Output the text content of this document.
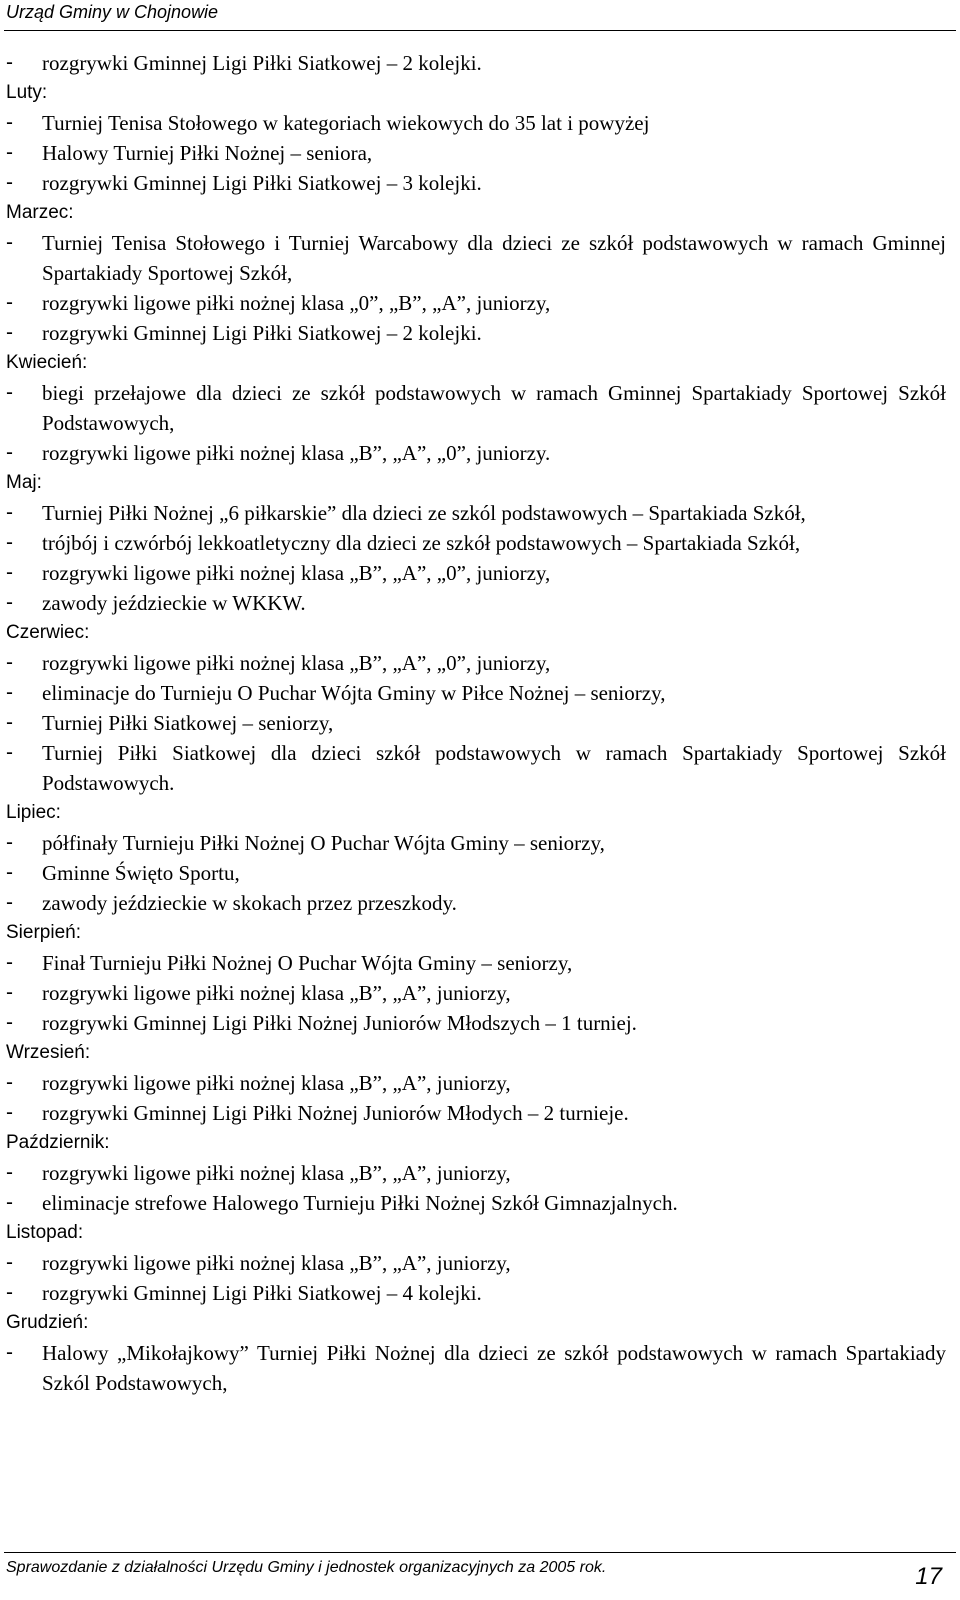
Urząd Gminy w Chojnowie
-	rozgrywki Gminnej Ligi Piłki Siatkowej – 2 kolejki.
Luty:
-	Turniej Tenisa Stołowego w kategoriach wiekowych do 35 lat i powyżej
-	Halowy Turniej Piłki Nożnej – seniora,
-	rozgrywki Gminnej Ligi Piłki Siatkowej – 3 kolejki.
Marzec:
-	Turniej Tenisa Stołowego i Turniej Warcabowy dla dzieci ze szkół podstawowych w ramach Gminnej Spartakiady Sportowej Szkół,
-	rozgrywki ligowe piłki nożnej klasa „0”, „B”, „A”, juniorzy,
-	rozgrywki Gminnej Ligi Piłki Siatkowej – 2 kolejki.
Kwiecień:
-	biegi przełajowe dla dzieci ze szkół podstawowych w ramach Gminnej Spartakiady Sportowej Szkół Podstawowych,
-	rozgrywki ligowe piłki nożnej klasa „B”, „A”, „0”, juniorzy.
Maj:
-	Turniej Piłki Nożnej „6 piłkarskie” dla dzieci ze szkól podstawowych – Spartakiada Szkół,
-	trójbój i czwórbój lekkoatletyczny dla dzieci ze szkół podstawowych – Spartakiada Szkół,
-	rozgrywki ligowe piłki nożnej klasa „B”, „A”, „0”, juniorzy,
-	zawody jeździeckie w WKKW.
Czerwiec:
-	rozgrywki ligowe piłki nożnej klasa „B”, „A”, „0”, juniorzy,
-	eliminacje do Turnieju O Puchar Wójta Gminy w Piłce Nożnej – seniorzy,
-	Turniej Piłki Siatkowej – seniorzy,
-	Turniej Piłki Siatkowej dla dzieci szkół podstawowych w ramach Spartakiady Sportowej Szkół Podstawowych.
Lipiec:
-	półfinały Turnieju Piłki Nożnej O Puchar Wójta Gminy – seniorzy,
-	Gminne Święto Sportu,
-	zawody jeździeckie w skokach przez przeszkody.
Sierpień:
-	Finał Turnieju Piłki Nożnej O Puchar Wójta Gminy – seniorzy,
-	rozgrywki ligowe piłki nożnej klasa „B”, „A”, juniorzy,
-	rozgrywki Gminnej Ligi Piłki Nożnej Juniorów Młodszych – 1 turniej.
Wrzesień:
-	rozgrywki ligowe piłki nożnej klasa „B”, „A”, juniorzy,
-	rozgrywki Gminnej Ligi Piłki Nożnej Juniorów Młodych – 2 turnieje.
Październik:
-	rozgrywki ligowe piłki nożnej klasa „B”, „A”, juniorzy,
-	eliminacje strefowe Halowego Turnieju Piłki Nożnej Szkół Gimnazjalnych.
Listopad:
-	rozgrywki ligowe piłki nożnej klasa „B”, „A”, juniorzy,
-	rozgrywki Gminnej Ligi Piłki Siatkowej – 4 kolejki.
Grudzień:
-	Halowy „Mikołajkowy” Turniej Piłki Nożnej dla dzieci ze szkół podstawowych w ramach Spartakiady Szkól Podstawowych,
Sprawozdanie z działalności Urzędu Gminy i jednostek organizacyjnych za 2005 rok.	17
